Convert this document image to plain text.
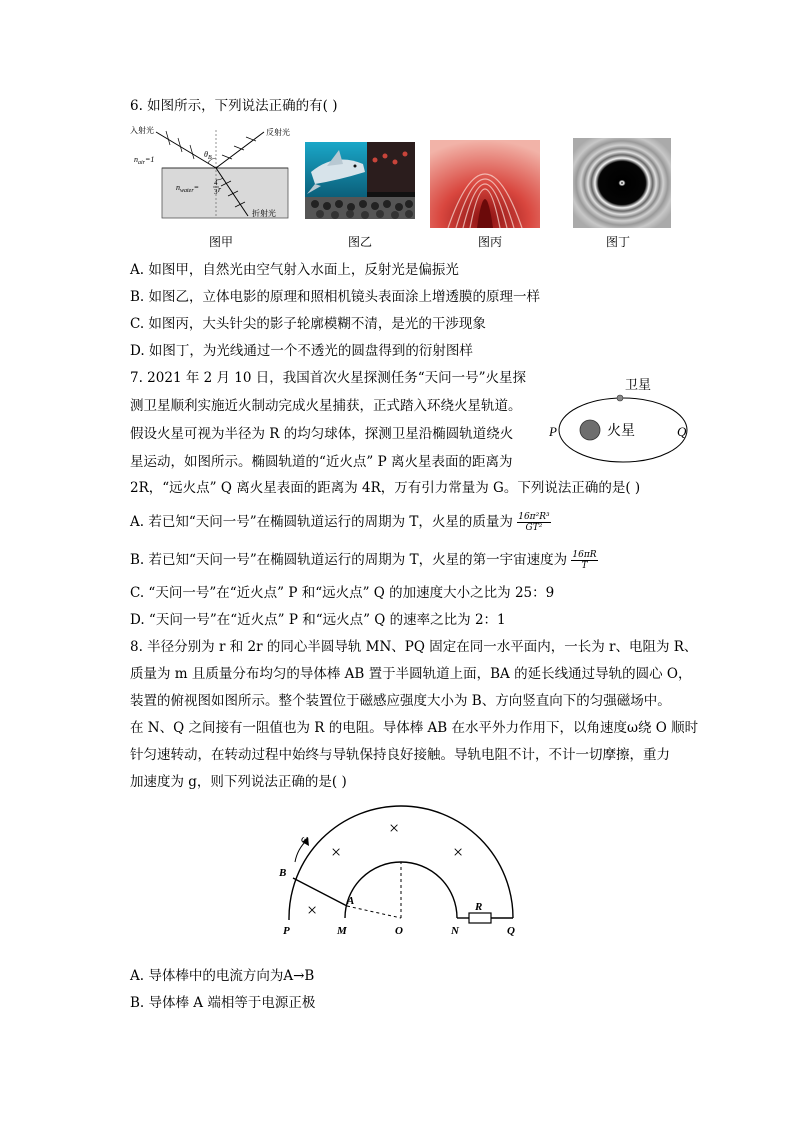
6. 如图所示，下列说法正确的有( )
入射光	反射光
折射光
$n_{air}=1$
$n_{water}= 4$
3
$\theta_B$
r
图甲	图乙	图丙	图丁
A. 如图甲，自然光由空气射入水面上，反射光是偏振光
B. 如图乙，立体电影的原理和照相机镜头表面涂上增透膜的原理一样
C. 如图丙，大头针尖的影子轮廓模糊不清，是光的干涉现象
D. 如图丁，为光线通过一个不透光的圆盘得到的衍射图样
7. 2021 年 2 月 10 日，我国首次火星探测任务“天问一号”火星探
测卫星顺利实施近火制动完成火星捕获，正式踏入环绕火星轨道。
假设火星可视为半径为 R 的均匀球体，探测卫星沿椭圆轨道绕火
星运动，如图所示。椭圆轨道的“近火点” P 离火星表面的距离为
2R，“远火点” Q 离火星表面的距离为 4R，万有引力常量为 G。下列说法正确的是( )
卫星
火星
P	Q
A. 若已知“天问一号”在椭圆轨道运行的周期为 T，火星的质量为 $\frac{\text{16π²R³}}{\text{GT²}}$
B. 若已知“天问一号”在椭圆轨道运行的周期为 T，火星的第一宇宙速度为 $\frac{16\pi R}{T}$
C. “天问一号”在“近火点” P 和“远火点” Q 的加速度大小之比为 25：9
D. “天问一号”在“近火点” P 和“远火点” Q 的速率之比为 2：1
8. 半径分别为 r 和 2r 的同心半圆导轨 MN、PQ 固定在同一水平面内，一长为 r、电阻为 R、
质量为 m 且质量分布均匀的导体棒 AB 置于半圆轨道上面，BA 的延长线通过导轨的圆心 O，
装置的俯视图如图所示。整个装置位于磁感应强度大小为 B、方向竖直向下的匀强磁场中。
在 N、Q 之间接有一阻值也为 R 的电阻。导体棒 AB 在水平外力作用下，以角速度ω绕 O 顺时
针匀速转动，在转动过程中始终与导轨保持良好接触。导轨电阻不计，不计一切摩擦，重力
加速度为 g，则下列说法正确的是( )
ω
×
×
×
×
B
A
P	M	O	N	Q
R
A. 导体棒中的电流方向为A→B
B. 导体棒 A 端相等于电源正极
